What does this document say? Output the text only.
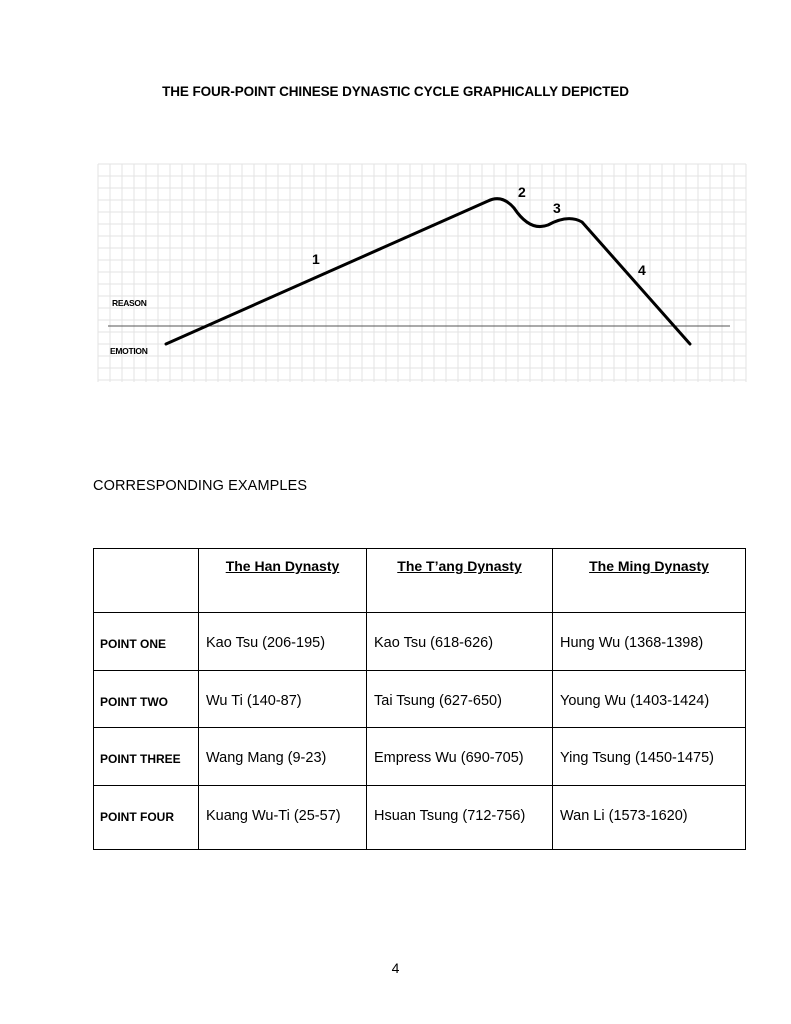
THE FOUR-POINT CHINESE DYNASTIC CYCLE GRAPHICALLY DEPICTED
REASON
EMOTION
1
2
3
4
CORRESPONDING EXAMPLES
	The Han Dynasty	The T’ang Dynasty	The Ming Dynasty
POINT ONE	Kao Tsu (206-195)	Kao Tsu (618-626)	Hung Wu (1368-1398)
POINT TWO	Wu Ti (140-87)	Tai Tsung (627-650)	Young Wu (1403-1424)
POINT THREE	Wang Mang (9-23)	Empress Wu (690-705)	Ying Tsung (1450-1475)
POINT FOUR	Kuang Wu-Ti (25-57)	Hsuan Tsung (712-756)	Wan Li (1573-1620)
4
